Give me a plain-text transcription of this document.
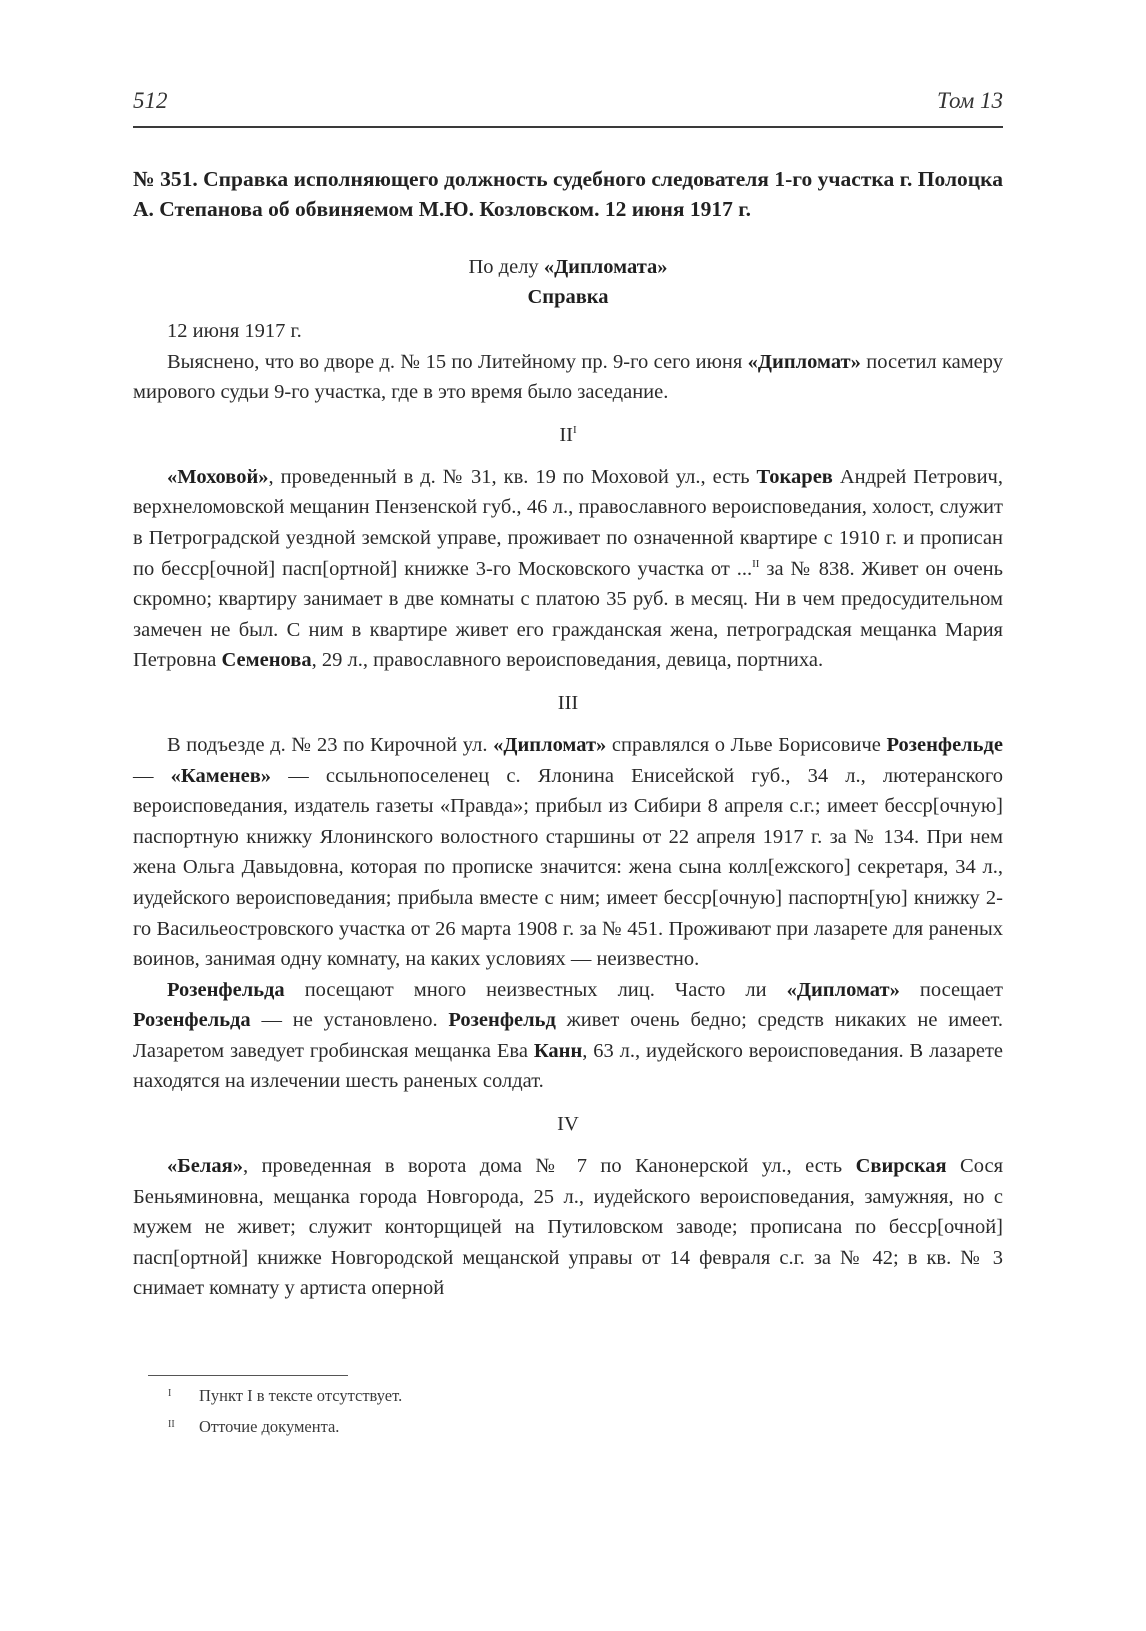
512	Том 13
№ 351. Справка исполняющего должность судебного следователя 1-го участка г. Полоцка А. Степанова об обвиняемом М.Ю. Козловском. 12 июня 1917 г.
По делу «Дипломата»
Справка

12 июня 1917 г.

Выяснено, что во дворе д. № 15 по Литейному пр. 9-го сего июня «Дипломат» посетил камеру мирового судьи 9-го участка, где в это время было заседание.

II$^I$

«Моховой», проведенный в д. № 31, кв. 19 по Моховой ул., есть Токарев Андрей Петрович, верхнеломовской мещанин Пензенской губ., 46 л., православного вероисповедания, холост, служит в Петроградской уездной земской управе, проживает по означенной квартире с 1910 г. и прописан по бесср[очной] пасп[ортной] книжке 3-го Московского участка от ...$^{II}$ за № 838. Живет он очень скромно; квартиру занимает в две комнаты с платою 35 руб. в месяц. Ни в чем предосудительном замечен не был. С ним в квартире живет его гражданская жена, петроградская мещанка Мария Петровна Семенова, 29 л., православного вероисповедания, девица, портниха.

III

В подъезде д. № 23 по Кирочной ул. «Дипломат» справлялся о Льве Борисовиче Розенфельде — «Каменев» — ссыльнопоселенец с. Ялонина Енисейской губ., 34 л., лютеранского вероисповедания, издатель газеты «Правда»; прибыл из Сибири 8 апреля с.г.; имеет бесср[очную] паспортную книжку Ялонинского волостного старшины от 22 апреля 1917 г. за № 134. При нем жена Ольга Давыдовна, которая по прописке значится: жена сына колл[ежского] секретаря, 34 л., иудейского вероисповедания; прибыла вместе с ним; имеет бесср[очную] паспортн[ую] книжку 2-го Васильеостровского участка от 26 марта 1908 г. за № 451. Проживают при лазарете для раненых воинов, занимая одну комнату, на каких условиях — неизвестно.

Розенфельда посещают много неизвестных лиц. Часто ли «Дипломат» посещает Розенфельда — не установлено. Розенфельд живет очень бедно; средств никаких не имеет. Лазаретом заведует гробинская мещанка Ева Канн, 63 л., иудейского вероисповедания. В лазарете находятся на излечении шесть раненых солдат.

IV

«Белая», проведенная в ворота дома № 7 по Канонерской ул., есть Свирская Сося Беньяминовна, мещанка города Новгорода, 25 л., иудейского вероисповедания, замужняя, но с мужем не живет; служит конторщицей на Путиловском заводе; прописана по бесср[очной] пасп[ортной] книжке Новгородской мещанской управы от 14 февраля с.г. за № 42; в кв. № 3 снимает комнату у артиста оперной

I	Пункт I в тексте отсутствует.
II	Отточие документа.
